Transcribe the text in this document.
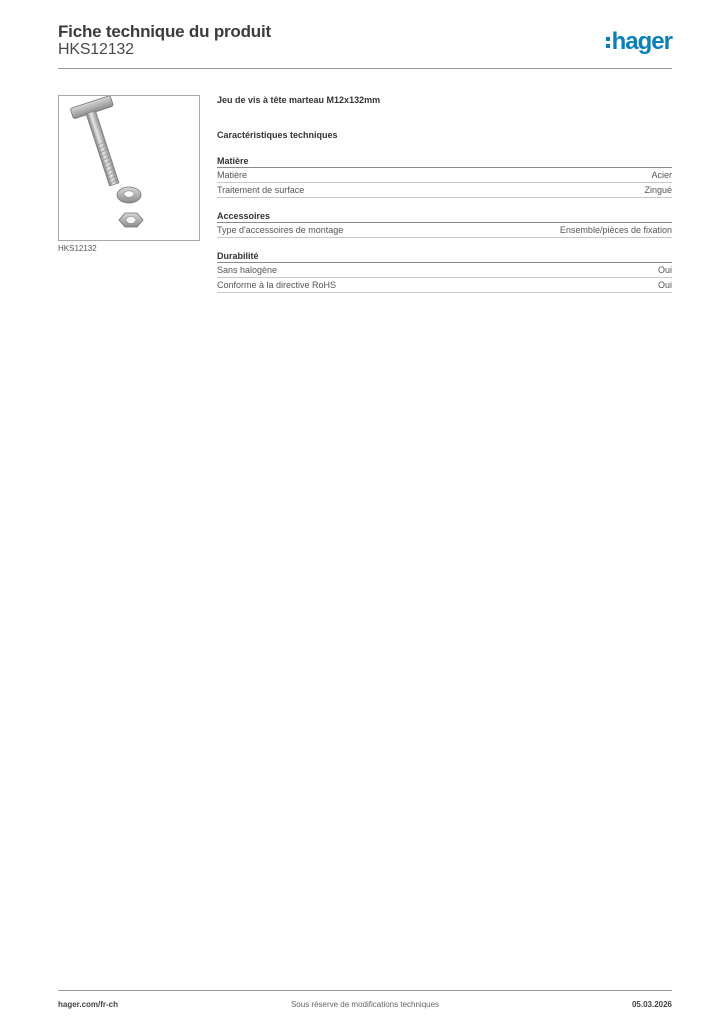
Fiche technique du produit
HKS12132	hager
HKS12132
Jeu de vis à tête marteau M12x132mm
Caractéristiques techniques
Matière
Matière	Acier
Traitement de surface	Zingué
Accessoires
Type d'accessoires de montage	Ensemble/pièces de fixation
Durabilité
Sans halogène	Oui
Conforme à la directive RoHS	Oui
hager.com/fr-ch	Sous réserve de modifications techniques	05.03.2026
